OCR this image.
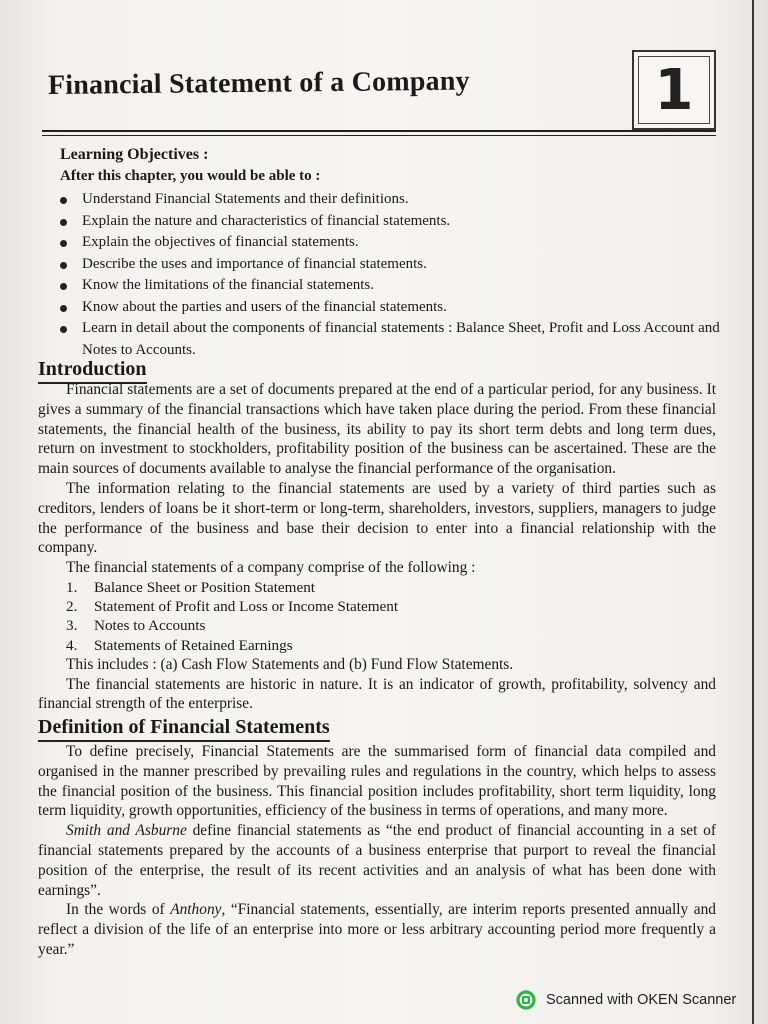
Financial Statement of a Company	1
Learning Objectives :
After this chapter, you would be able to :
Understand Financial Statements and their definitions.
Explain the nature and characteristics of financial statements.
Explain the objectives of financial statements.
Describe the uses and importance of financial statements.
Know the limitations of the financial statements.
Know about the parties and users of the financial statements.
Learn in detail about the components of financial statements : Balance Sheet, Profit and Loss Account and Notes to Accounts.
Introduction

Financial statements are a set of documents prepared at the end of a particular period, for any business. It gives a summary of the financial transactions which have taken place during the period. From these financial statements, the financial health of the business, its ability to pay its short term debts and long term dues, return on investment to stockholders, profitability position of the business can be ascertained. These are the main sources of documents available to analyse the financial performance of the organisation.

The information relating to the financial statements are used by a variety of third parties such as creditors, lenders of loans be it short-term or long-term, shareholders, investors, suppliers, managers to judge the performance of the business and base their decision to enter into a financial relationship with the company.

The financial statements of a company comprise of the following :

1.	Balance Sheet or Position Statement
2.	Statement of Profit and Loss or Income Statement
3.	Notes to Accounts
4.	Statements of Retained Earnings

This includes : (a) Cash Flow Statements and (b) Fund Flow Statements.

The financial statements are historic in nature. It is an indicator of growth, profitability, solvency and financial strength of the enterprise.

Definition of Financial Statements

To define precisely, Financial Statements are the summarised form of financial data compiled and organised in the manner prescribed by prevailing rules and regulations in the country, which helps to assess the financial position of the business. This financial position includes profitability, short term liquidity, long term liquidity, growth opportunities, efficiency of the business in terms of operations, and many more.

Smith and Asburne define financial statements as “the end product of financial accounting in a set of financial statements prepared by the accounts of a business enterprise that purport to reveal the financial position of the enterprise, the result of its recent activities and an analysis of what has been done with earnings”.

In the words of Anthony, “Financial statements, essentially, are interim reports presented annually and reflect a division of the life of an enterprise into more or less arbitrary accounting period more frequently a year.”

Scanned with OKEN Scanner
